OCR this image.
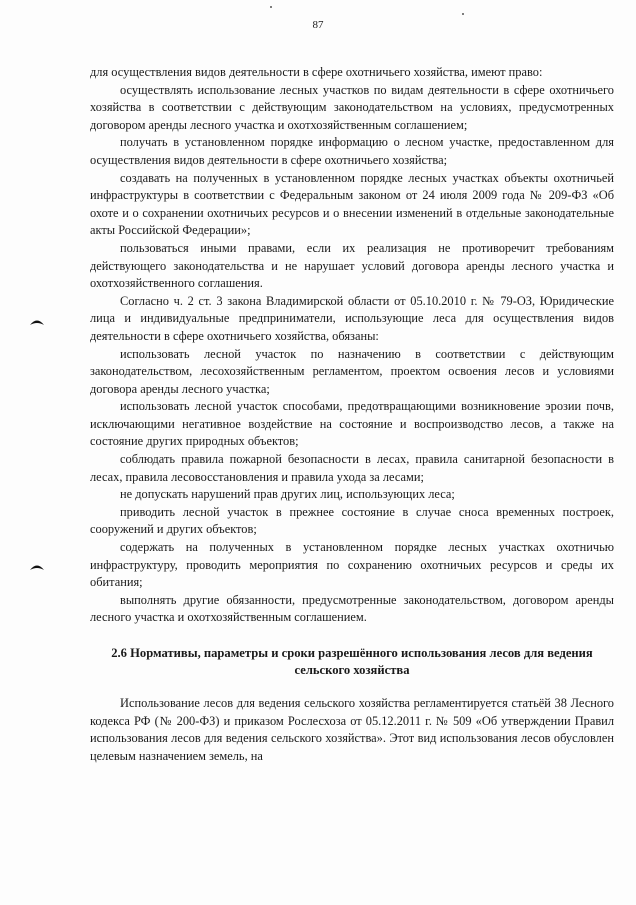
87

для осуществления видов деятельности в сфере охотничьего хозяйства, имеют право:

осуществлять использование лесных участков по видам деятельности в сфере охотничьего хозяйства в соответствии с действующим законодательством на условиях, предусмотренных договором аренды лесного участка и охотхозяйственным соглашением;

получать в установленном порядке информацию о лесном участке, предоставленном для осуществления видов деятельности в сфере охотничьего хозяйства;

создавать на полученных в установленном порядке лесных участках объекты охотничьей инфраструктуры в соответствии с Федеральным законом от 24 июля 2009 года № 209-ФЗ «Об охоте и о сохранении охотничьих ресурсов и о внесении изменений в отдельные законодательные акты Российской Федерации»;

пользоваться иными правами, если их реализация не противоречит требованиям действующего законодательства и не нарушает условий договора аренды лесного участка и охотхозяйственного соглашения.

Согласно ч. 2 ст. 3 закона Владимирской области от 05.10.2010 г. № 79-ОЗ, Юридические лица и индивидуальные предприниматели, использующие леса для осуществления видов деятельности в сфере охотничьего хозяйства, обязаны:

использовать лесной участок по назначению в соответствии с действующим законодательством, лесохозяйственным регламентом, проектом освоения лесов и условиями договора аренды лесного участка;

использовать лесной участок способами, предотвращающими возникновение эрозии почв, исключающими негативное воздействие на состояние и воспроизводство лесов, а также на состояние других природных объектов;

соблюдать правила пожарной безопасности в лесах, правила санитарной безопасности в лесах, правила лесовосстановления и правила ухода за лесами;

не допускать нарушений прав других лиц, использующих леса;

приводить лесной участок в прежнее состояние в случае сноса временных построек, сооружений и других объектов;

содержать на полученных в установленном порядке лесных участках охотничью инфраструктуру, проводить мероприятия по сохранению охотничьих ресурсов и среды их обитания;

выполнять другие обязанности, предусмотренные законодательством, договором аренды лесного участка и охотхозяйственным соглашением.

2.6 Нормативы, параметры и сроки разрешённого использования лесов для ведения сельского хозяйства

Использование лесов для ведения сельского хозяйства регламентируется статьёй 38 Лесного кодекса РФ (№ 200-ФЗ) и приказом Рослесхоза от 05.12.2011 г. № 509 «Об утверждении Правил использования лесов для ведения сельского хозяйства». Этот вид использования лесов обусловлен целевым назначением земель, на
